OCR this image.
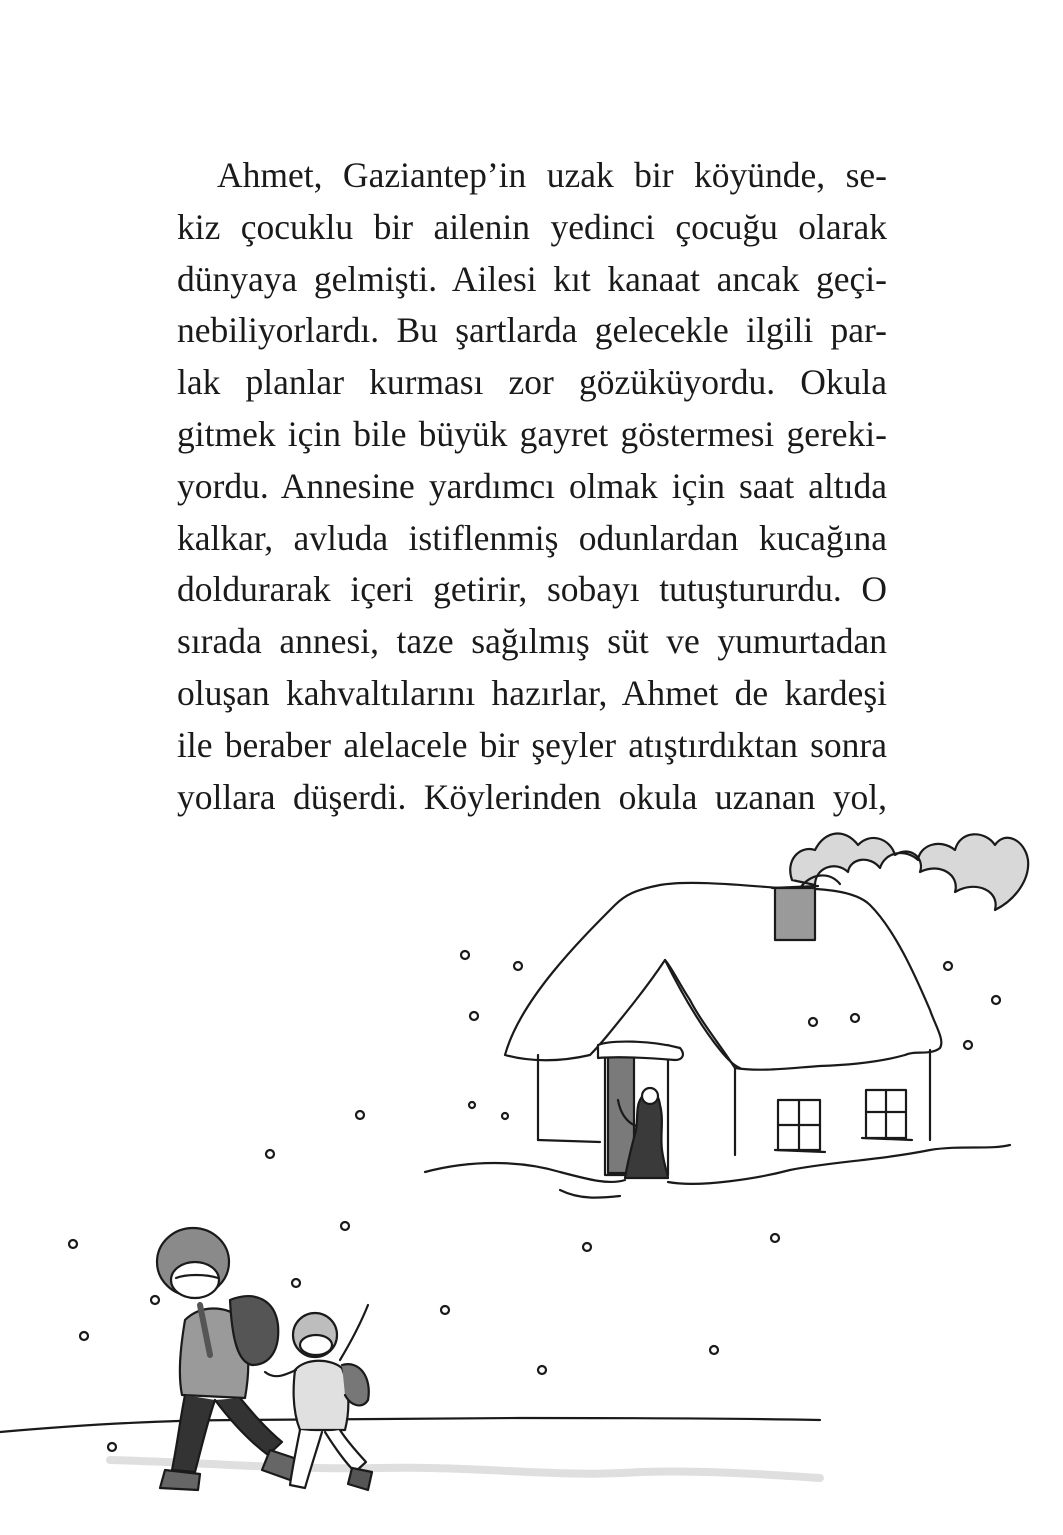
Ahmet, Gaziantep’in uzak bir köyünde, se-
kiz çocuklu bir ailenin yedinci çocuğu olarak
dünyaya gelmişti. Ailesi kıt kanaat ancak geçi-
nebiliyorlardı. Bu şartlarda gelecekle ilgili par-
lak planlar kurması zor gözüküyordu. Okula
gitmek için bile büyük gayret göstermesi gereki-
yordu. Annesine yardımcı olmak için saat altıda
kalkar, avluda istiflenmiş odunlardan kucağına
doldurarak içeri getirir, sobayı tutuştururdu. O
sırada annesi, taze sağılmış süt ve yumurtadan
oluşan kahvaltılarını hazırlar, Ahmet de kardeşi
ile beraber alelacele bir şeyler atıştırdıktan sonra
yollara düşerdi. Köylerinden okula uzanan yol,
